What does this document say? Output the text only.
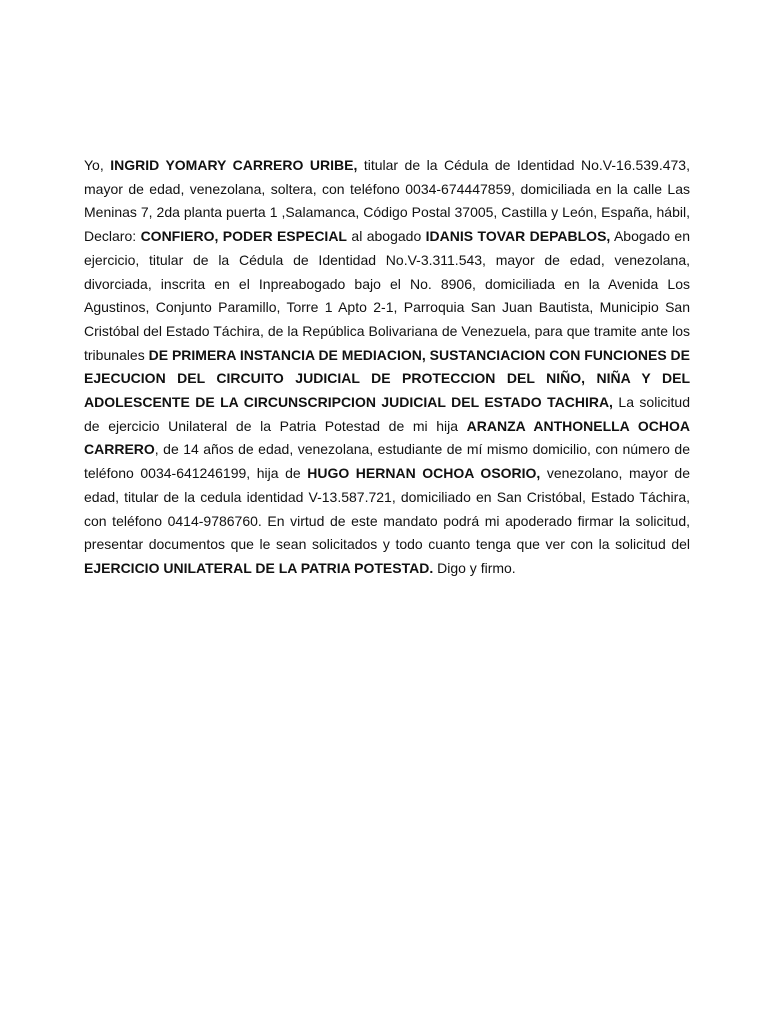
Yo, INGRID YOMARY CARRERO URIBE, titular de la Cédula de Identidad No.V-16.539.473, mayor de edad, venezolana, soltera, con teléfono 0034-674447859, domiciliada en la calle Las Meninas 7, 2da planta puerta 1 ,Salamanca, Código Postal 37005, Castilla y León, España, hábil, Declaro: CONFIERO, PODER ESPECIAL al abogado IDANIS TOVAR DEPABLOS, Abogado en ejercicio, titular de la Cédula de Identidad No.V-3.311.543, mayor de edad, venezolana, divorciada, inscrita en el Inpreabogado bajo el No. 8906, domiciliada en la Avenida Los Agustinos, Conjunto Paramillo, Torre 1 Apto 2-1, Parroquia San Juan Bautista, Municipio San Cristóbal del Estado Táchira, de la República Bolivariana de Venezuela, para que tramite ante los tribunales DE PRIMERA INSTANCIA DE MEDIACION, SUSTANCIACION CON FUNCIONES DE EJECUCION DEL CIRCUITO JUDICIAL DE PROTECCION DEL NIÑO, NIÑA Y DEL ADOLESCENTE DE LA CIRCUNSCRIPCION JUDICIAL DEL ESTADO TACHIRA, La solicitud de ejercicio Unilateral de la Patria Potestad de mi hija ARANZA ANTHONELLA OCHOA CARRERO, de 14 años de edad, venezolana, estudiante de mí mismo domicilio, con número de teléfono 0034-641246199, hija de HUGO HERNAN OCHOA OSORIO, venezolano, mayor de edad, titular de la cedula identidad V-13.587.721, domiciliado en San Cristóbal, Estado Táchira, con teléfono 0414-9786760. En virtud de este mandato podrá mi apoderado firmar la solicitud, presentar documentos que le sean solicitados y todo cuanto tenga que ver con la solicitud del EJERCICIO UNILATERAL DE LA PATRIA POTESTAD. Digo y firmo.
